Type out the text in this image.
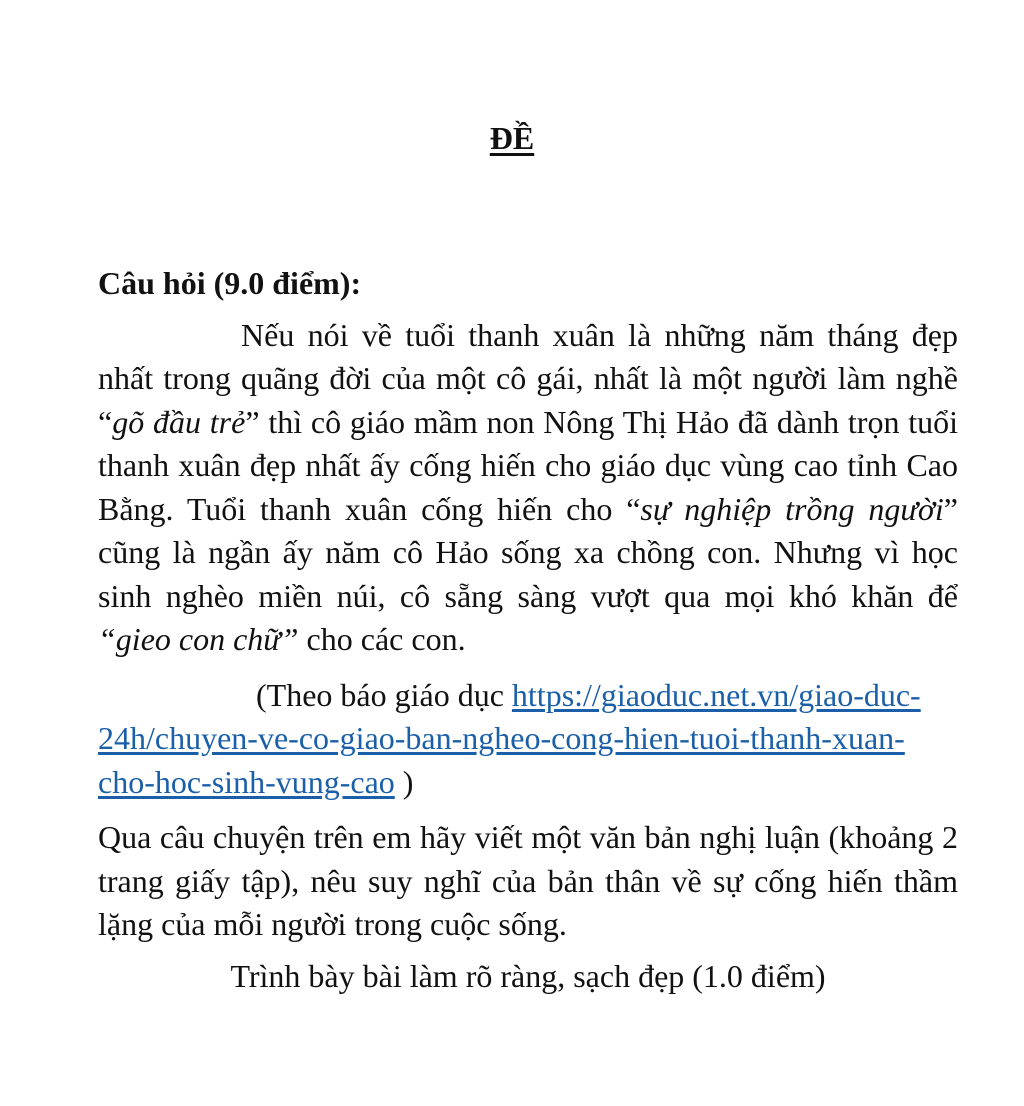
ĐỀ

Câu hỏi (9.0 điểm):

Nếu nói về tuổi thanh xuân là những năm tháng đẹp nhất trong quãng đời của một cô gái, nhất là một người làm nghề “gõ đầu trẻ” thì cô giáo mầm non Nông Thị Hảo đã dành trọn tuổi thanh xuân đẹp nhất ấy cống hiến cho giáo dục vùng cao tỉnh Cao Bằng. Tuổi thanh xuân cống hiến cho “sự nghiệp trồng người” cũng là ngần ấy năm cô Hảo sống xa chồng con. Nhưng vì học sinh nghèo miền núi, cô sẵng sàng vượt qua mọi khó khăn để “gieo con chữ” cho các con.

(Theo báo giáo dục https://giaoduc.net.vn/giao-duc-24h/chuyen-ve-co-giao-ban-ngheo-cong-hien-tuoi-thanh-xuan-cho-hoc-sinh-vung-cao )

Qua câu chuyện trên em hãy viết một văn bản nghị luận (khoảng 2 trang giấy tập), nêu suy nghĩ của bản thân về sự cống hiến thầm lặng của mỗi người trong cuộc sống.

Trình bày bài làm rõ ràng, sạch đẹp (1.0 điểm)
